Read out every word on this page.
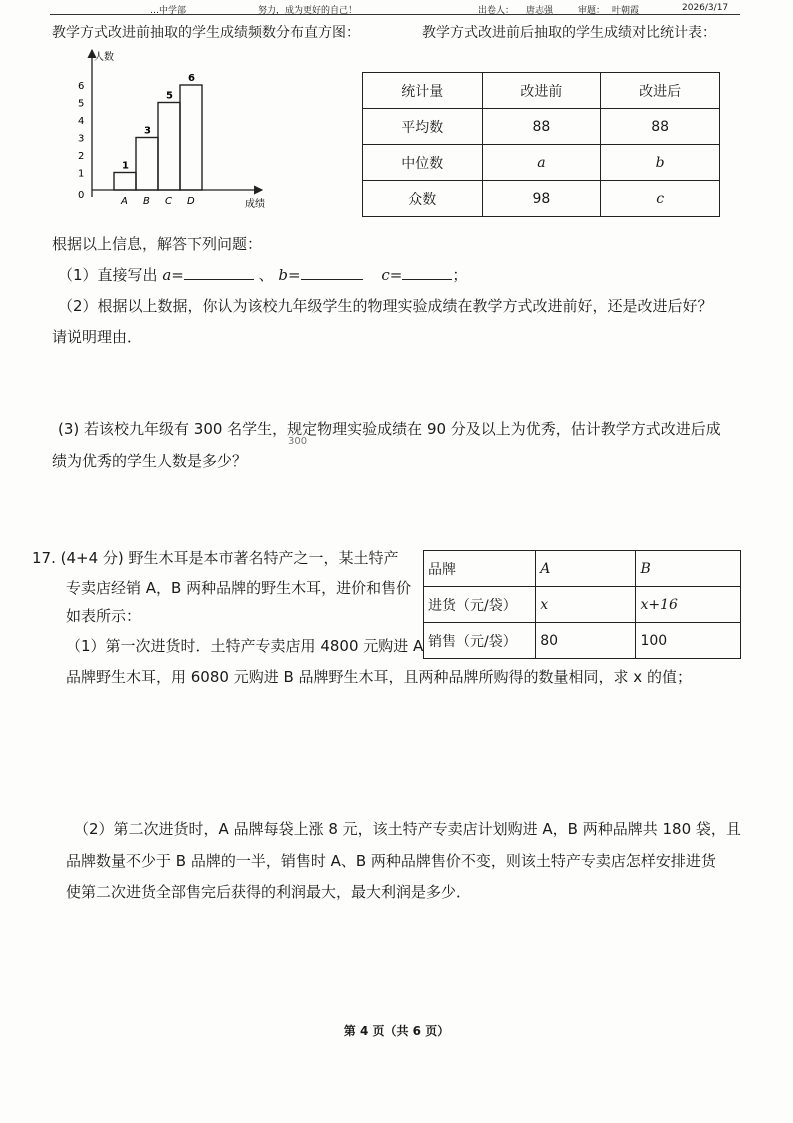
…中学部	努力，成为更好的自己！	出卷人： 唐志强	审题： 叶朝霞	2026/3/17
教学方式改进前抽取的学生成绩频数分布直方图：	教学方式改进前后抽取的学生成绩对比统计表：
人数
成绩
0
1
2
3
4
5
6
1
A
3
B
5
C
6
D
统计量	改进前	改进后
平均数	88	88
中位数	a	b
众数	98	c
根据以上信息，解答下列问题：
（1）直接写出 a=	、 b=	c=	；
（2）根据以上数据，你认为该校九年级学生的物理实验成绩在教学方式改进前好，还是改进后好？
请说明理由．
(3) 若该校九年级有 300 名学生，规定物理实验成绩在 90 分及以上为优秀，估计教学方式改进后成
300
绩为优秀的学生人数是多少？
17. (4+4 分) 野生木耳是本市著名特产之一，某土特产
专卖店经销 A，B 两种品牌的野生木耳，进价和售价
如表所示：
（1）第一次进货时．土特产专卖店用 4800 元购进 A
品牌野生木耳，用 6080 元购进 B 品牌野生木耳，且两种品牌所购得的数量相同，求 x 的值；
品牌	A	B
进货（元/袋）	x	x+16
销售（元/袋）	80	100
（2）第二次进货时，A 品牌每袋上涨 8 元，该土特产专卖店计划购进 A，B 两种品牌共 180 袋，且
品牌数量不少于 B 品牌的一半，销售时 A、B 两种品牌售价不变，则该土特产专卖店怎样安排进货
使第二次进货全部售完后获得的利润最大，最大利润是多少．
第 4 页（共 6 页）
